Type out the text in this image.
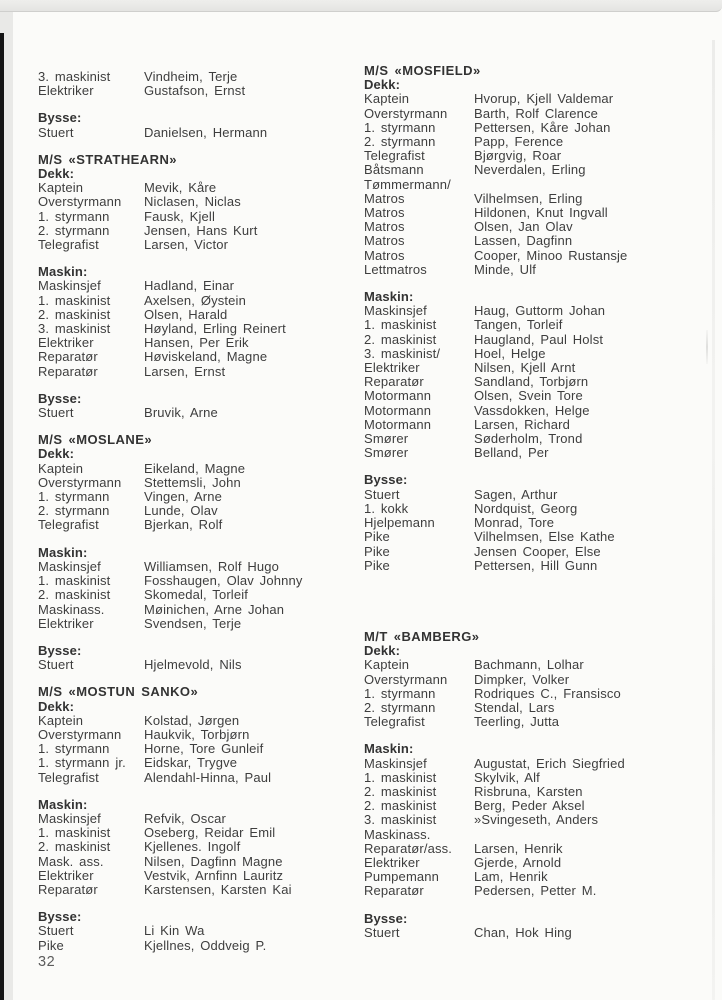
3. maskinist	Vindheim, Terje
Elektriker	Gustafson, Ernst
Bysse:
Stuert	Danielsen, Hermann
M/S «STRATHEARN»
Dekk:
Kaptein	Mevik, Kåre
Overstyrmann	Niclasen, Niclas
1. styrmann	Fausk, Kjell
2. styrmann	Jensen, Hans Kurt
Telegrafist	Larsen, Victor
Maskin:
Maskinsjef	Hadland, Einar
1. maskinist	Axelsen, Øystein
2. maskinist	Olsen, Harald
3. maskinist	Høyland, Erling Reinert
Elektriker	Hansen, Per Erik
Reparatør	Høviskeland, Magne
Reparatør	Larsen, Ernst
Bysse:
Stuert	Bruvik, Arne
M/S «MOSLANE»
Dekk:
Kaptein	Eikeland, Magne
Overstyrmann	Stettemsli, John
1. styrmann	Vingen, Arne
2. styrmann	Lunde, Olav
Telegrafist	Bjerkan, Rolf
Maskin:
Maskinsjef	Williamsen, Rolf Hugo
1. maskinist	Fosshaugen, Olav Johnny
2. maskinist	Skomedal, Torleif
Maskinass.	Møinichen, Arne Johan
Elektriker	Svendsen, Terje
Bysse:
Stuert	Hjelmevold, Nils
M/S «MOSTUN SANKO»
Dekk:
Kaptein	Kolstad, Jørgen
Overstyrmann	Haukvik, Torbjørn
1. styrmann	Horne, Tore Gunleif
1. styrmann jr.	Eidskar, Trygve
Telegrafist	Alendahl-Hinna, Paul
Maskin:
Maskinsjef	Refvik, Oscar
1. maskinist	Oseberg, Reidar Emil
2. maskinist	Kjellenes. Ingolf
Mask. ass.	Nilsen, Dagfinn Magne
Elektriker	Vestvik, Arnfinn Lauritz
Reparatør	Karstensen, Karsten Kai
Bysse:
Stuert	Li Kin Wa
Pike	Kjellnes, Oddveig P.
M/S «MOSFIELD»
Dekk:
Kaptein	Hvorup, Kjell Valdemar
Overstyrmann	Barth, Rolf Clarence
1. styrmann	Pettersen, Kåre Johan
2. styrmann	Papp, Ference
Telegrafist	Bjørgvig, Roar
Båtsmann	Neverdalen, Erling
Tømmermann/

Matros	Vilhelmsen, Erling
Matros	Hildonen, Knut Ingvall
Matros	Olsen, Jan Olav
Matros	Lassen, Dagfinn
Matros	Cooper, Minoo Rustansje
Lettmatros	Minde, Ulf
Maskin:
Maskinsjef	Haug, Guttorm Johan
1. maskinist	Tangen, Torleif
2. maskinist	Haugland, Paul Holst
3. maskinist/	Hoel, Helge
Elektriker	Nilsen, Kjell Arnt
Reparatør	Sandland, Torbjørn
Motormann	Olsen, Svein Tore
Motormann	Vassdokken, Helge
Motormann	Larsen, Richard
Smører	Søderholm, Trond
Smører	Belland, Per
Bysse:
Stuert	Sagen, Arthur
1. kokk	Nordquist, Georg
Hjelpemann	Monrad, Tore
Pike	Vilhelmsen, Else Kathe
Pike	Jensen Cooper, Else
Pike	Pettersen, Hill Gunn
M/T «BAMBERG»
Dekk:
Kaptein	Bachmann, Lolhar
Overstyrmann	Dimpker, Volker
1. styrmann	Rodriques C., Fransisco
2. styrmann	Stendal, Lars
Telegrafist	Teerling, Jutta
Maskin:
Maskinsjef	Augustat, Erich Siegfried
1. maskinist	Skylvik, Alf
2. maskinist	Risbruna, Karsten
2. maskinist	Berg, Peder Aksel
3. maskinist	»Svingeseth, Anders
Maskinass.

Reparatør/ass.	Larsen, Henrik
Elektriker	Gjerde, Arnold
Pumpemann	Lam, Henrik
Reparatør	Pedersen, Petter M.
Bysse:
Stuert	Chan, Hok Hing
32
